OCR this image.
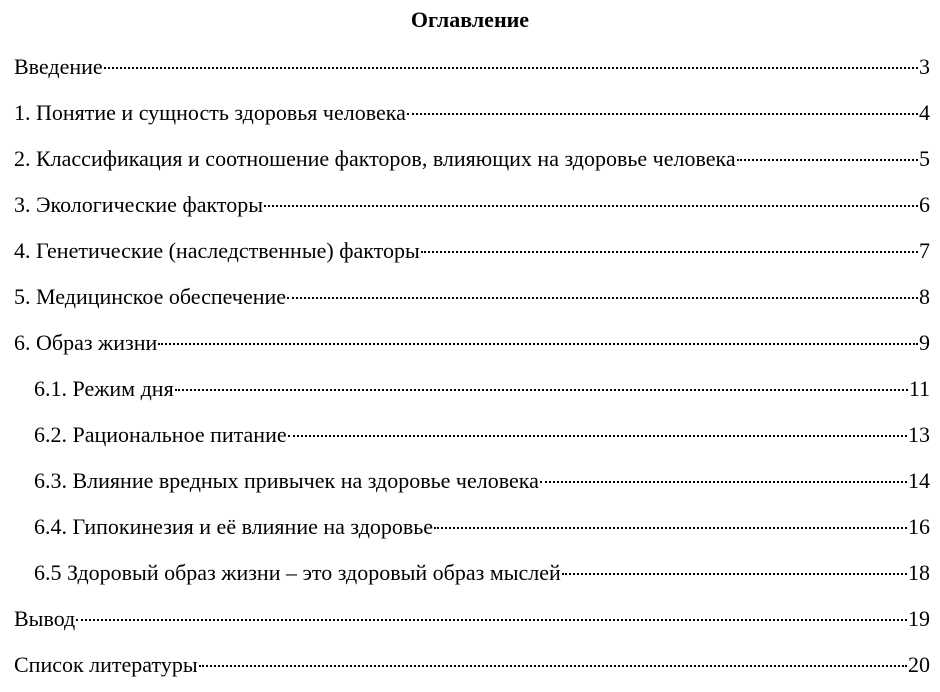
Оглавление
Введение	3
1. Понятие и сущность здоровья человека	4
2. Классификация и соотношение факторов, влияющих на здоровье человека	5
3. Экологические факторы	6
4. Генетические (наследственные) факторы	7
5. Медицинское обеспечение	8
6. Образ жизни	9
6.1. Режим дня	11
6.2. Рациональное питание	13
6.3. Влияние вредных привычек на здоровье человека	14
6.4. Гипокинезия и её влияние на здоровье	16
6.5 Здоровый образ жизни – это здоровый образ мыслей	18
Вывод	19
Список литературы	20
